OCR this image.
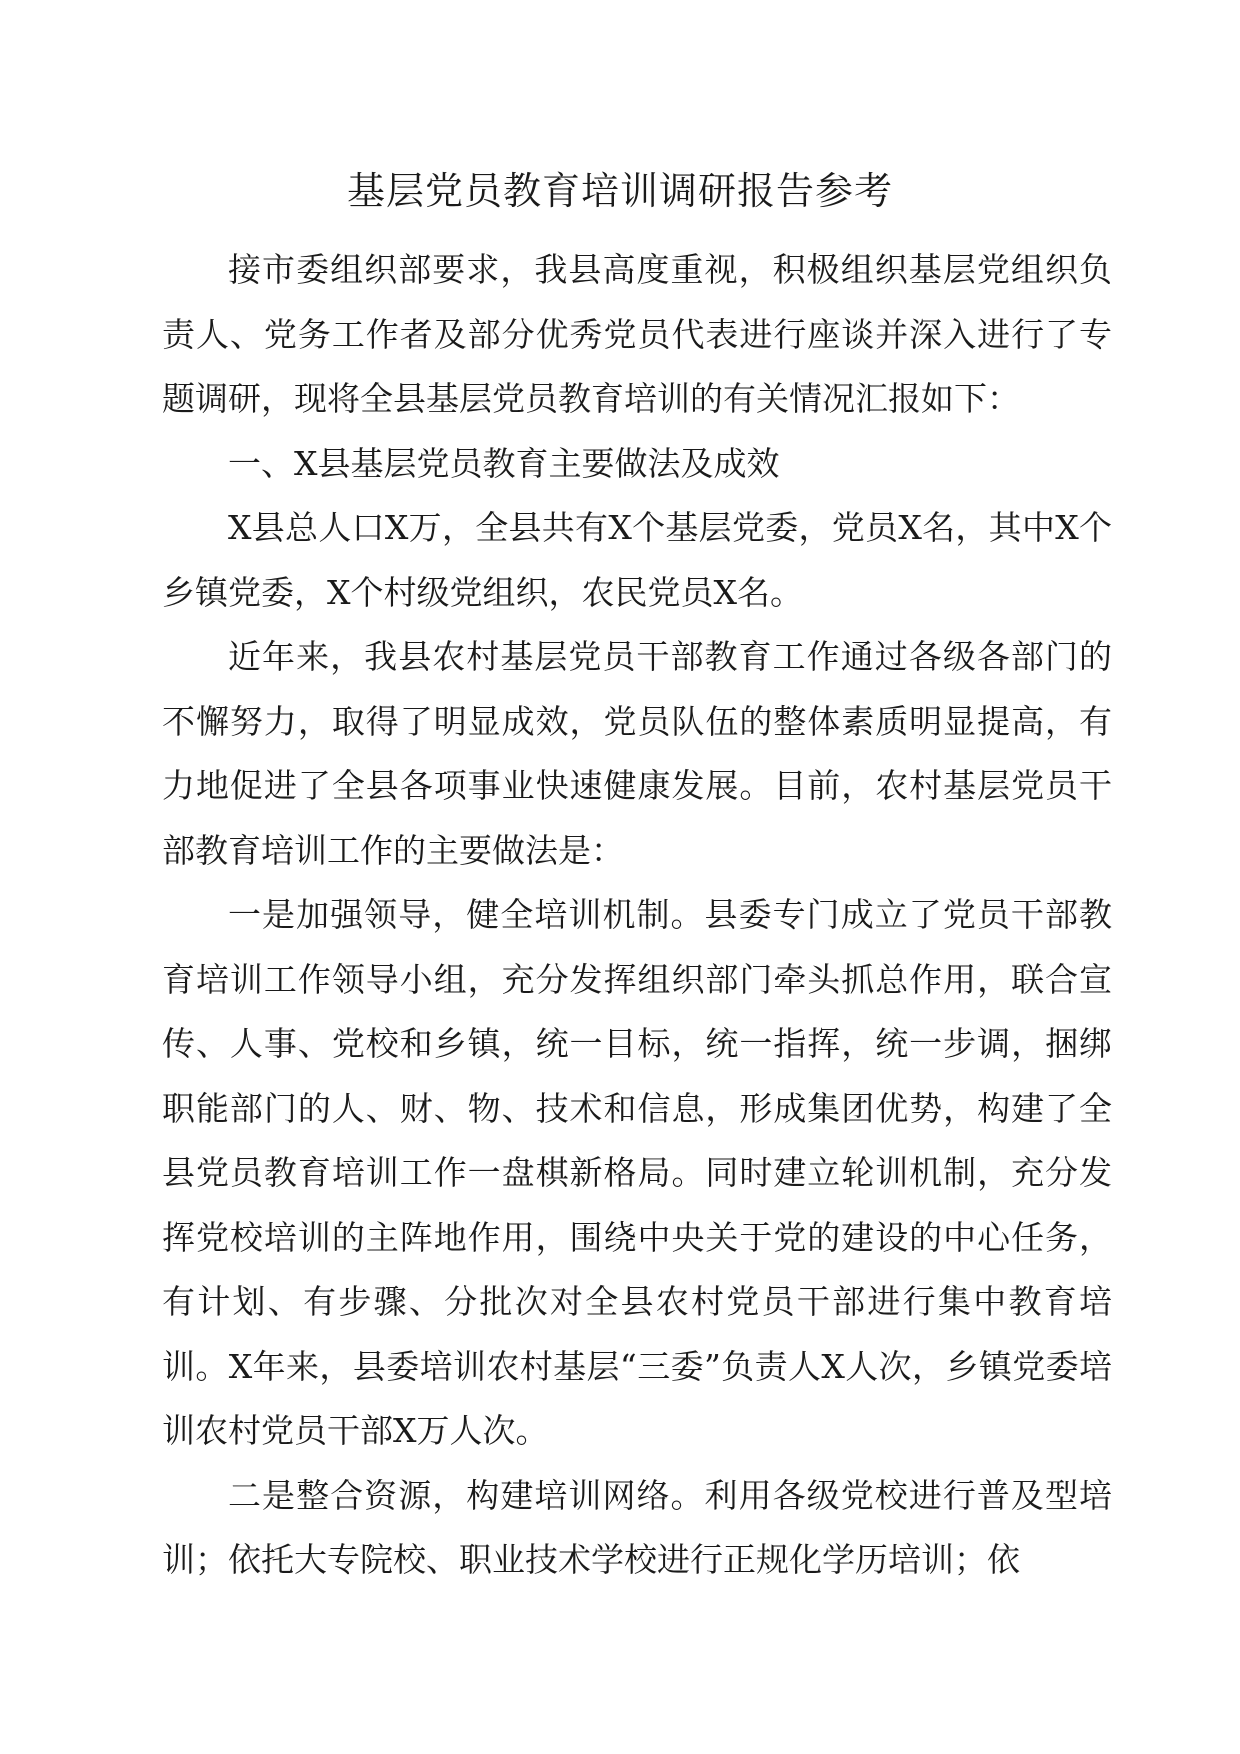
基层党员教育培训调研报告参考

接市委组织部要求，我县高度重视，积极组织基层党组织负责人、党务工作者及部分优秀党员代表进行座谈并深入进行了专题调研，现将全县基层党员教育培训的有关情况汇报如下：

一、X县基层党员教育主要做法及成效

X县总人口X万，全县共有X个基层党委，党员X名，其中X个乡镇党委，X个村级党组织，农民党员X名。

近年来，我县农村基层党员干部教育工作通过各级各部门的不懈努力，取得了明显成效，党员队伍的整体素质明显提高，有力地促进了全县各项事业快速健康发展。目前，农村基层党员干部教育培训工作的主要做法是：

一是加强领导，健全培训机制。县委专门成立了党员干部教育培训工作领导小组，充分发挥组织部门牵头抓总作用，联合宣传、人事、党校和乡镇，统一目标，统一指挥，统一步调，捆绑职能部门的人、财、物、技术和信息，形成集团优势，构建了全县党员教育培训工作一盘棋新格局。同时建立轮训机制，充分发挥党校培训的主阵地作用，围绕中央关于党的建设的中心任务，有计划、有步骤、分批次对全县农村党员干部进行集中教育培训。X年来，县委培训农村基层“三委”负责人X人次，乡镇党委培训农村党员干部X万人次。

二是整合资源，构建培训网络。利用各级党校进行普及型培训；依托大专院校、职业技术学校进行正规化学历培训；依
